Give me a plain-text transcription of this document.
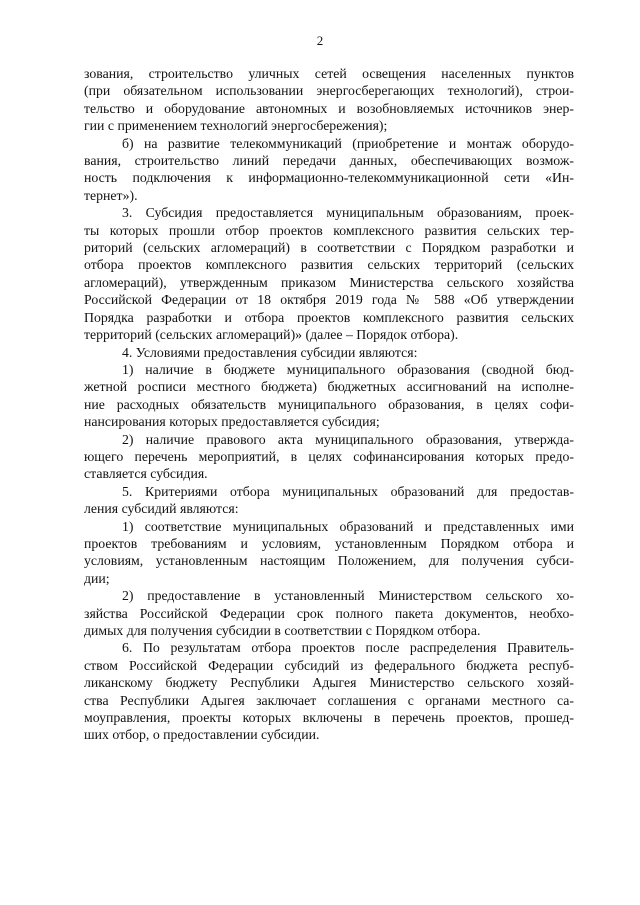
2
зования, строительство уличных сетей освещения населенных пунктов
(при обязательном использовании энергосберегающих технологий), строи-
тельство и оборудование автономных и возобновляемых источников энер-
гии с применением технологий энергосбережения);
б) на развитие телекоммуникаций (приобретение и монтаж оборудо-
вания, строительство линий передачи данных, обеспечивающих возмож-
ность подключения к информационно-телекоммуникационной сети «Ин-
тернет»).
3. Субсидия предоставляется муниципальным образованиям, проек-
ты которых прошли отбор проектов комплексного развития сельских тер-
риторий (сельских агломераций) в соответствии с Порядком разработки и
отбора проектов комплексного развития сельских территорий (сельских
агломераций), утвержденным приказом Министерства сельского хозяйства
Российской Федерации от 18 октября 2019 года № 588 «Об утверждении
Порядка разработки и отбора проектов комплексного развития сельских
территорий (сельских агломераций)» (далее – Порядок отбора).
4. Условиями предоставления субсидии являются:
1) наличие в бюджете муниципального образования (сводной бюд-
жетной росписи местного бюджета) бюджетных ассигнований на исполне-
ние расходных обязательств муниципального образования, в целях софи-
нансирования которых предоставляется субсидия;
2) наличие правового акта муниципального образования, утвержда-
ющего перечень мероприятий, в целях софинансирования которых предо-
ставляется субсидия.
5. Критериями отбора муниципальных образований для предостав-
ления субсидий являются:
1) соответствие муниципальных образований и представленных ими
проектов требованиям и условиям, установленным Порядком отбора и
условиям, установленным настоящим Положением, для получения субси-
дии;
2) предоставление в установленный Министерством сельского хо-
зяйства Российской Федерации срок полного пакета документов, необхо-
димых для получения субсидии в соответствии с Порядком отбора.
6. По результатам отбора проектов после распределения Правитель-
ством Российской Федерации субсидий из федерального бюджета респуб-
ликанскому бюджету Республики Адыгея Министерство сельского хозяй-
ства Республики Адыгея заключает соглашения с органами местного са-
моуправления, проекты которых включены в перечень проектов, прошед-
ших отбор, о предоставлении субсидии.
